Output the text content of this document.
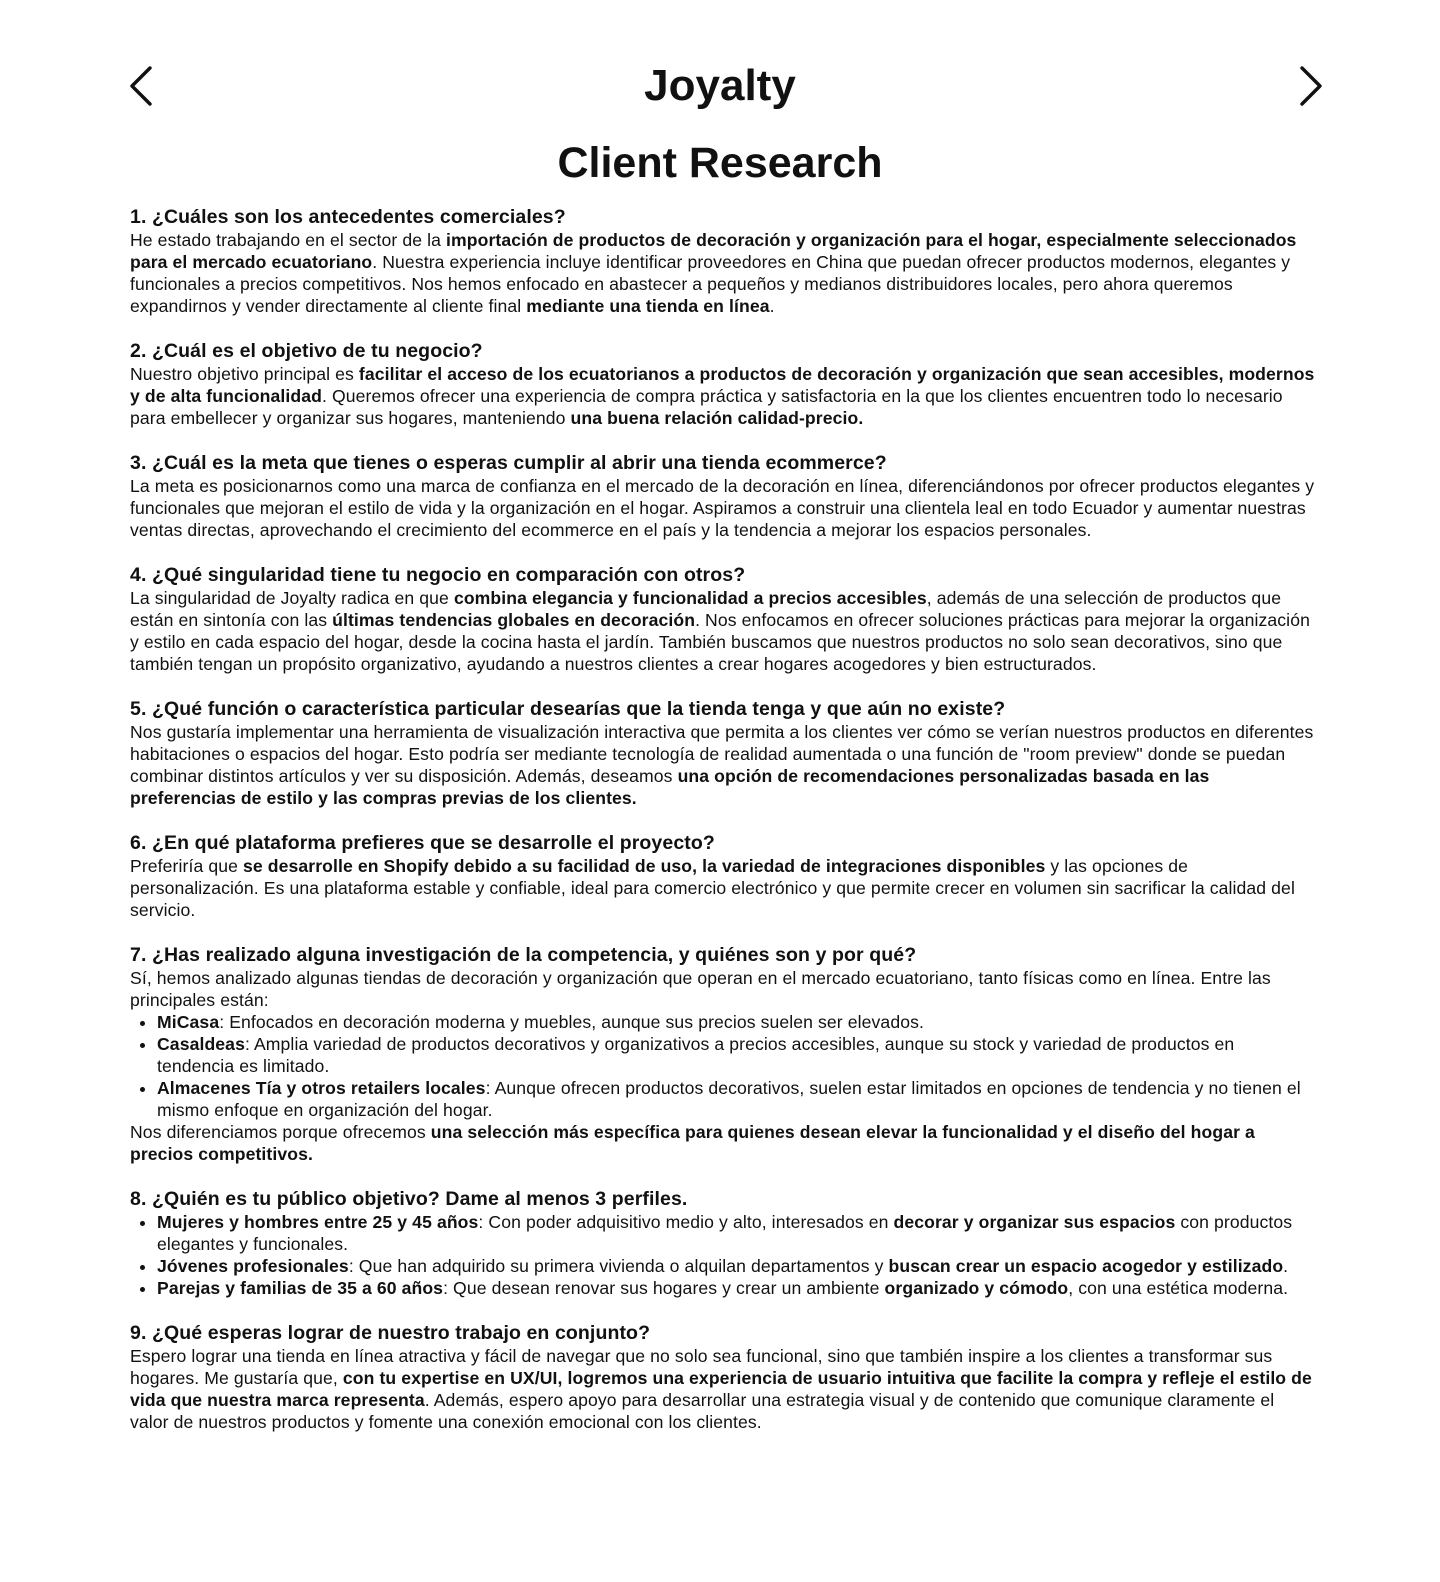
Joyalty
Client Research

1. ¿Cuáles son los antecedentes comerciales?

He estado trabajando en el sector de la importación de productos de decoración y organización para el hogar, especialmente seleccionados para el mercado ecuatoriano. Nuestra experiencia incluye identificar proveedores en China que puedan ofrecer productos modernos, elegantes y funcionales a precios competitivos. Nos hemos enfocado en abastecer a pequeños y medianos distribuidores locales, pero ahora queremos expandirnos y vender directamente al cliente final mediante una tienda en línea.

2. ¿Cuál es el objetivo de tu negocio?

Nuestro objetivo principal es facilitar el acceso de los ecuatorianos a productos de decoración y organización que sean accesibles, modernos y de alta funcionalidad. Queremos ofrecer una experiencia de compra práctica y satisfactoria en la que los clientes encuentren todo lo necesario para embellecer y organizar sus hogares, manteniendo una buena relación calidad-precio.

3. ¿Cuál es la meta que tienes o esperas cumplir al abrir una tienda ecommerce?

La meta es posicionarnos como una marca de confianza en el mercado de la decoración en línea, diferenciándonos por ofrecer productos elegantes y funcionales que mejoran el estilo de vida y la organización en el hogar. Aspiramos a construir una clientela leal en todo Ecuador y aumentar nuestras ventas directas, aprovechando el crecimiento del ecommerce en el país y la tendencia a mejorar los espacios personales.

4. ¿Qué singularidad tiene tu negocio en comparación con otros?

La singularidad de Joyalty radica en que combina elegancia y funcionalidad a precios accesibles, además de una selección de productos que están en sintonía con las últimas tendencias globales en decoración. Nos enfocamos en ofrecer soluciones prácticas para mejorar la organización y estilo en cada espacio del hogar, desde la cocina hasta el jardín. También buscamos que nuestros productos no solo sean decorativos, sino que también tengan un propósito organizativo, ayudando a nuestros clientes a crear hogares acogedores y bien estructurados.

5. ¿Qué función o característica particular desearías que la tienda tenga y que aún no existe?

Nos gustaría implementar una herramienta de visualización interactiva que permita a los clientes ver cómo se verían nuestros productos en diferentes habitaciones o espacios del hogar. Esto podría ser mediante tecnología de realidad aumentada o una función de "room preview" donde se puedan combinar distintos artículos y ver su disposición. Además, deseamos una opción de recomendaciones personalizadas basada en las preferencias de estilo y las compras previas de los clientes.

6. ¿En qué plataforma prefieres que se desarrolle el proyecto?

Preferiría que se desarrolle en Shopify debido a su facilidad de uso, la variedad de integraciones disponibles y las opciones de personalización. Es una plataforma estable y confiable, ideal para comercio electrónico y que permite crecer en volumen sin sacrificar la calidad del servicio.

7. ¿Has realizado alguna investigación de la competencia, y quiénes son y por qué?

Sí, hemos analizado algunas tiendas de decoración y organización que operan en el mercado ecuatoriano, tanto físicas como en línea. Entre las principales están:

• MiCasa: Enfocados en decoración moderna y muebles, aunque sus precios suelen ser elevados.
• Casaldeas: Amplia variedad de productos decorativos y organizativos a precios accesibles, aunque su stock y variedad de productos en tendencia es limitado.
• Almacenes Tía y otros retailers locales: Aunque ofrecen productos decorativos, suelen estar limitados en opciones de tendencia y no tienen el mismo enfoque en organización del hogar.

Nos diferenciamos porque ofrecemos una selección más específica para quienes desean elevar la funcionalidad y el diseño del hogar a precios competitivos.

8. ¿Quién es tu público objetivo? Dame al menos 3 perfiles.

• Mujeres y hombres entre 25 y 45 años: Con poder adquisitivo medio y alto, interesados en decorar y organizar sus espacios con productos elegantes y funcionales.
• Jóvenes profesionales: Que han adquirido su primera vivienda o alquilan departamentos y buscan crear un espacio acogedor y estilizado.
• Parejas y familias de 35 a 60 años: Que desean renovar sus hogares y crear un ambiente organizado y cómodo, con una estética moderna.

9. ¿Qué esperas lograr de nuestro trabajo en conjunto?

Espero lograr una tienda en línea atractiva y fácil de navegar que no solo sea funcional, sino que también inspire a los clientes a transformar sus hogares. Me gustaría que, con tu expertise en UX/UI, logremos una experiencia de usuario intuitiva que facilite la compra y refleje el estilo de vida que nuestra marca representa. Además, espero apoyo para desarrollar una estrategia visual y de contenido que comunique claramente el valor de nuestros productos y fomente una conexión emocional con los clientes.
